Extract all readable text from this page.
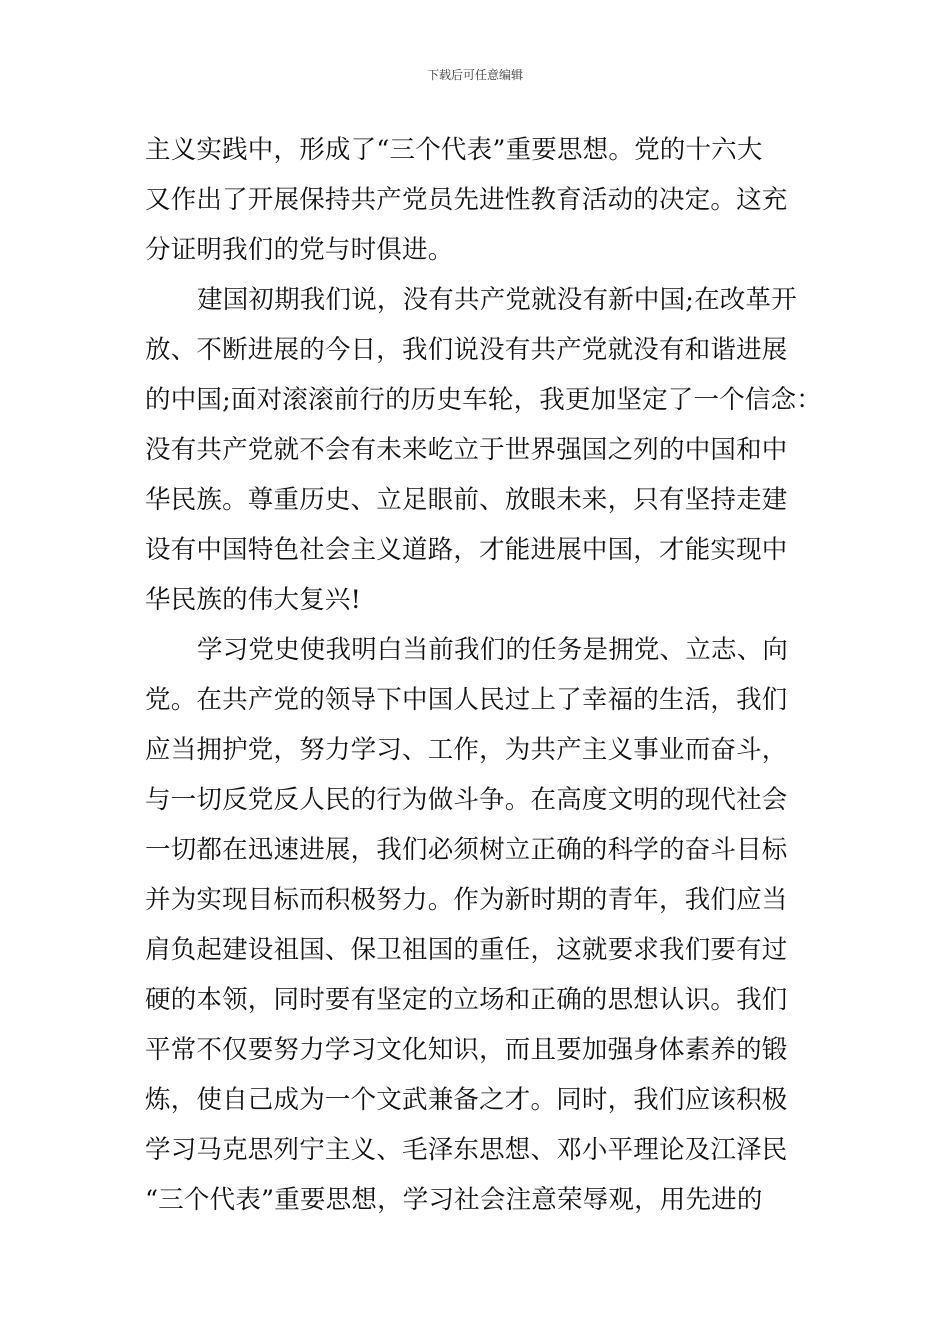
下载后可任意编辑
主义实践中，形成了“三个代表”重要思想。党的十六大
又作出了开展保持共产党员先进性教育活动的决定。这充
分证明我们的党与时俱进。
建国初期我们说，没有共产党就没有新中国;在改革开
放、不断进展的今日，我们说没有共产党就没有和谐进展
的中国;面对滚滚前行的历史车轮，我更加坚定了一个信念：
没有共产党就不会有未来屹立于世界强国之列的中国和中
华民族。尊重历史、立足眼前、放眼未来，只有坚持走建
设有中国特色社会主义道路，才能进展中国，才能实现中
华民族的伟大复兴!
学习党史使我明白当前我们的任务是拥党、立志、向
党。在共产党的领导下中国人民过上了幸福的生活，我们
应当拥护党，努力学习、工作，为共产主义事业而奋斗，
与一切反党反人民的行为做斗争。在高度文明的现代社会
一切都在迅速进展，我们必须树立正确的科学的奋斗目标
并为实现目标而积极努力。作为新时期的青年，我们应当
肩负起建设祖国、保卫祖国的重任，这就要求我们要有过
硬的本领，同时要有坚定的立场和正确的思想认识。我们
平常不仅要努力学习文化知识，而且要加强身体素养的锻
炼，使自己成为一个文武兼备之才。同时，我们应该积极
学习马克思列宁主义、毛泽东思想、邓小平理论及江泽民
“三个代表”重要思想，学习社会注意荣辱观，用先进的
